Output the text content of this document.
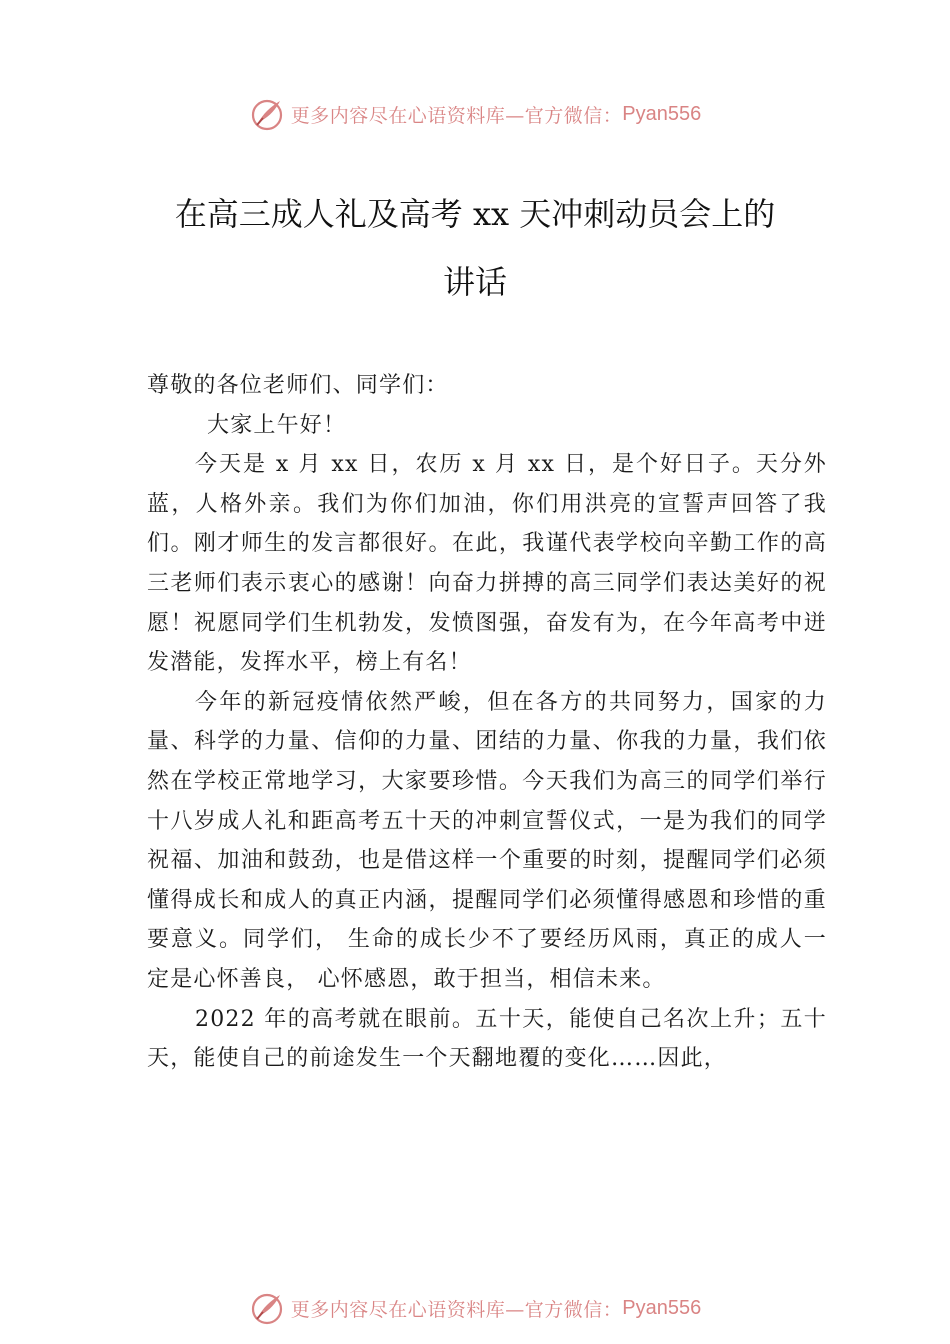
更多内容尽在心语资料库—官方微信： Pyan556
在高三成人礼及高考 xx 天冲刺动员会上的
讲话

尊敬的各位老师们、同学们：

大家上午好！

今天是 x 月 xx 日，农历 x 月 xx 日，是个好日子。天分外蓝，人格外亲。我们为你们加油，你们用洪亮的宣誓声回答了我们。刚才师生的发言都很好。在此，我谨代表学校向辛勤工作的高三老师们表示衷心的感谢！向奋力拼搏的高三同学们表达美好的祝愿！祝愿同学们生机勃发，发愤图强，奋发有为，在今年高考中迸发潜能，发挥水平，榜上有名！

今年的新冠疫情依然严峻，但在各方的共同努力，国家的力量、科学的力量、信仰的力量、团结的力量、你我的力量，我们依然在学校正常地学习，大家要珍惜。今天我们为高三的同学们举行十八岁成人礼和距高考五十天的冲刺宣誓仪式，一是为我们的同学祝福、加油和鼓劲，也是借这样一个重要的时刻，提醒同学们必须懂得成长和成人的真正内涵，提醒同学们必须懂得感恩和珍惜的重要意义。同学们， 生命的成长少不了要经历风雨，真正的成人一定是心怀善良， 心怀感恩，敢于担当，相信未来。

2022 年的高考就在眼前。五十天，能使自己名次上升；五十天，能使自己的前途发生一个天翻地覆的变化……因此，

更多内容尽在心语资料库—官方微信： Pyan556
